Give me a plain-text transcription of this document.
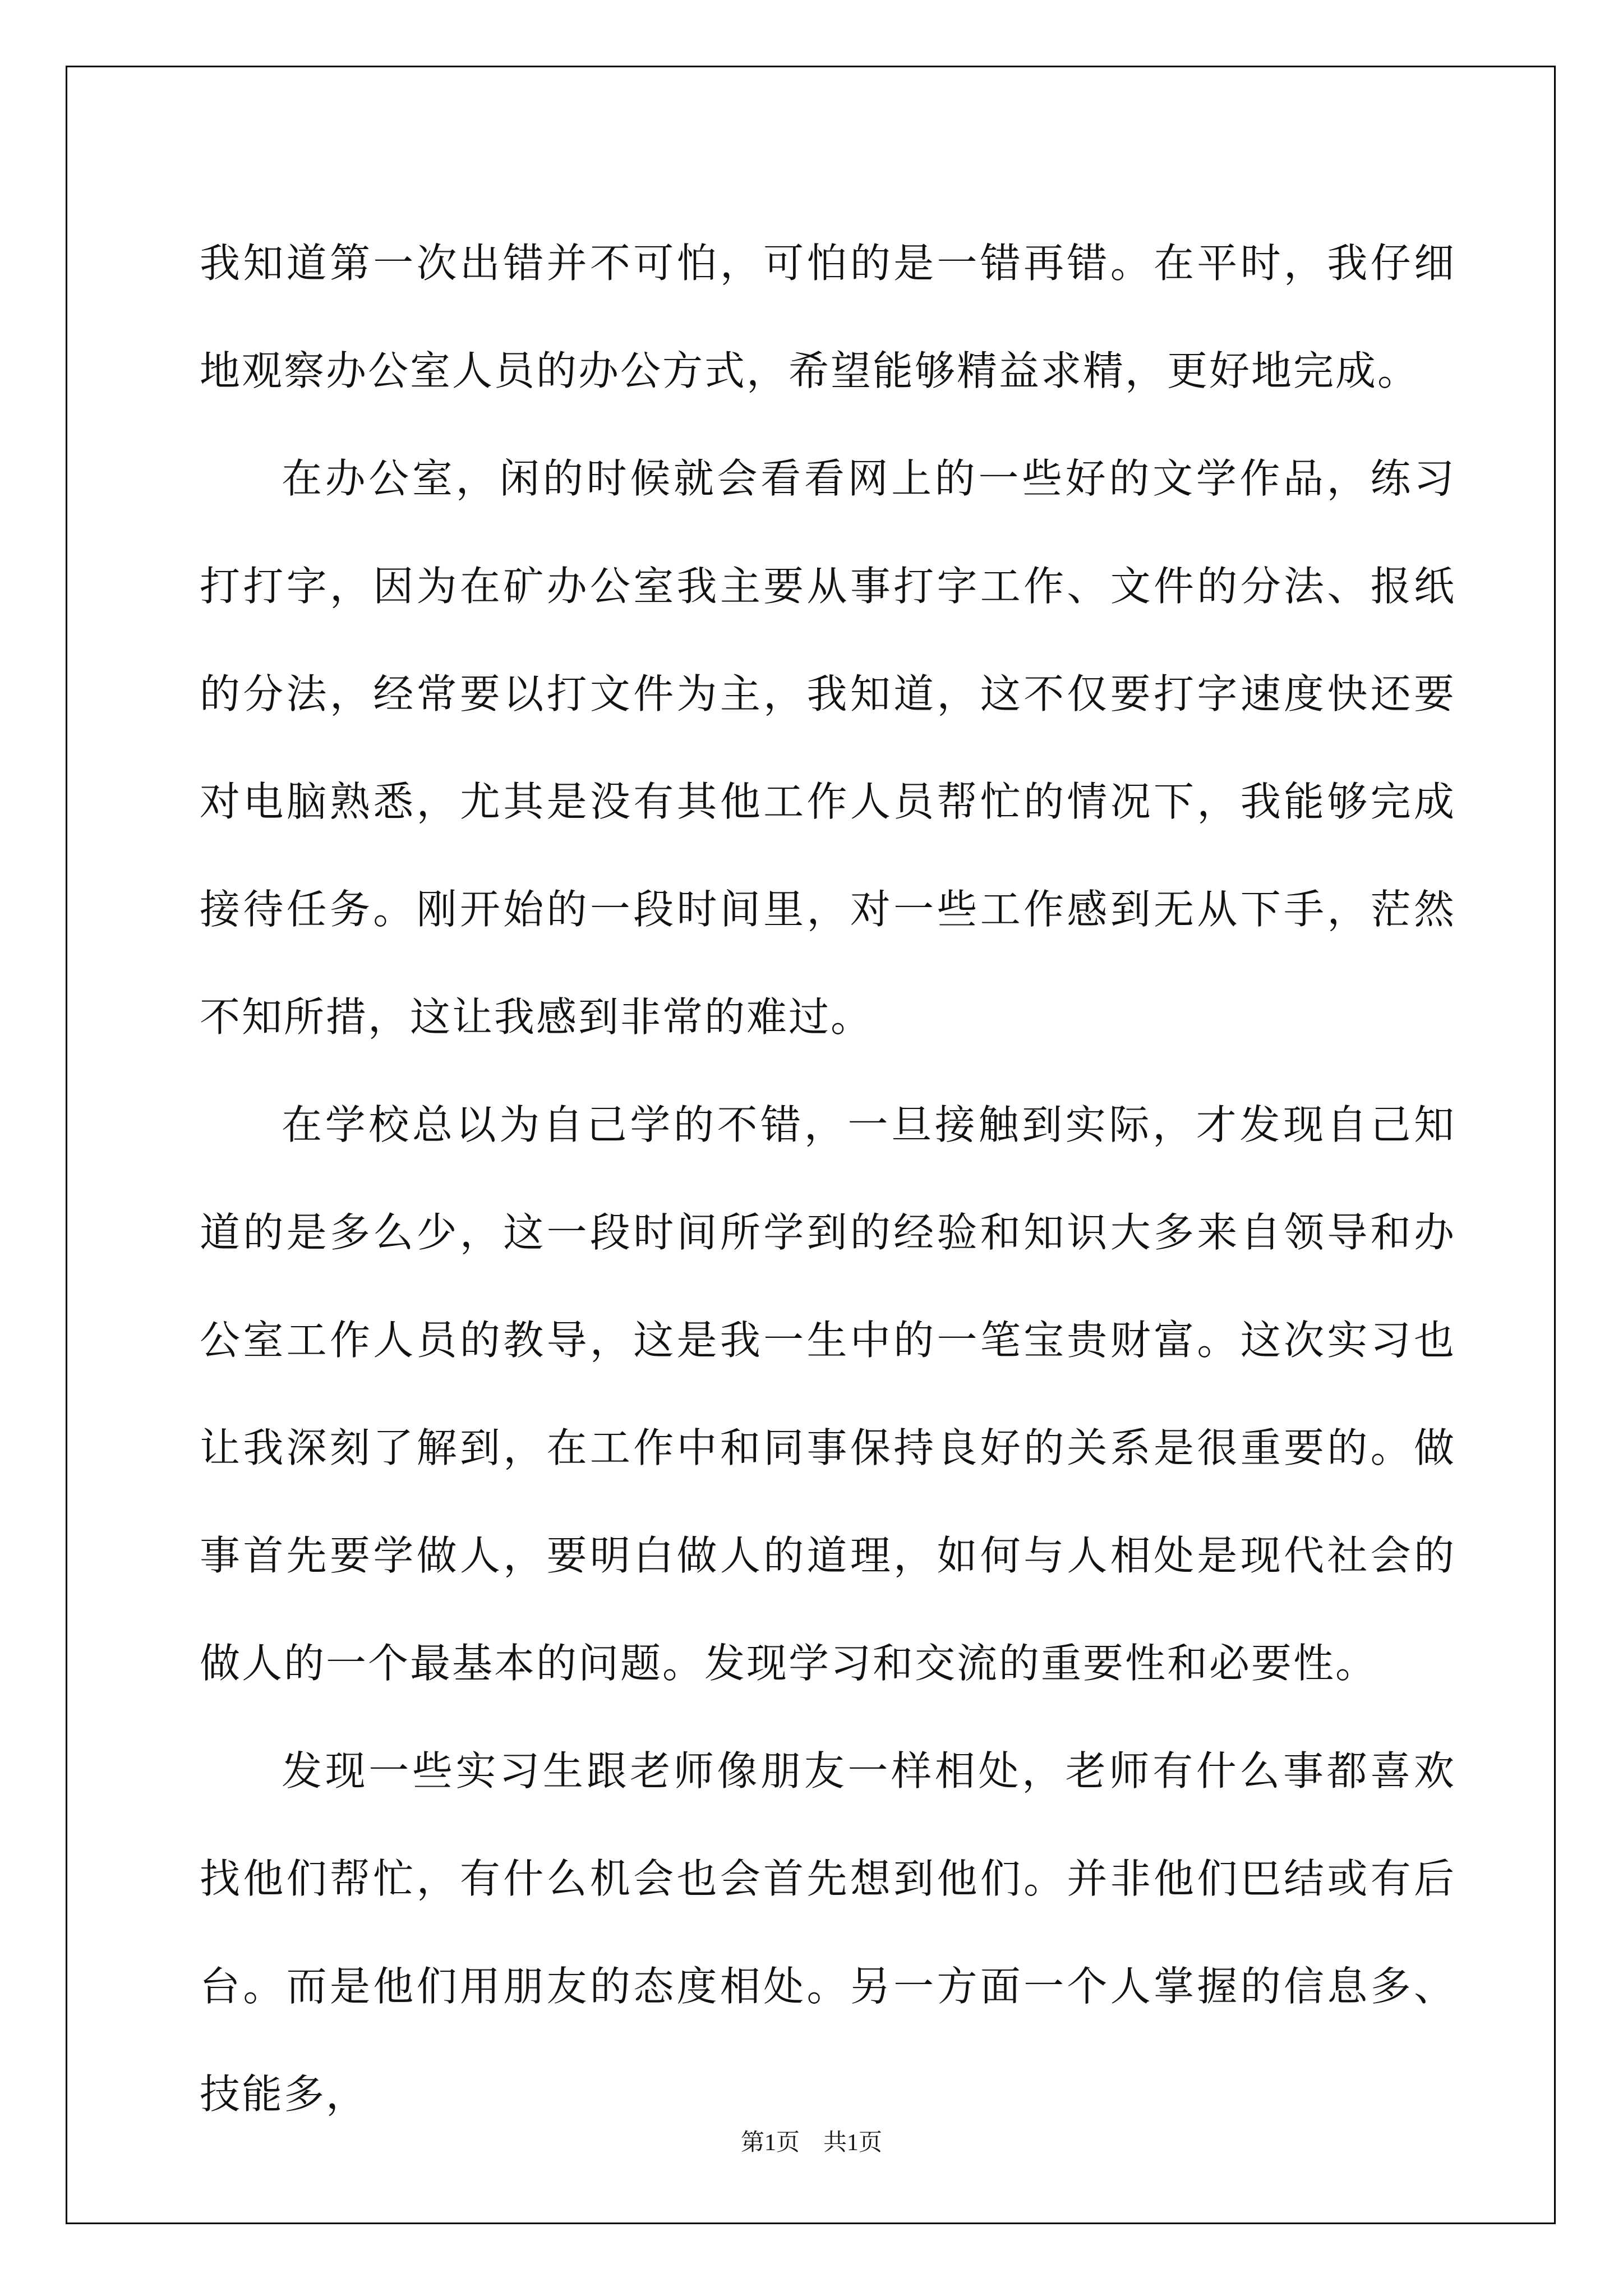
我知道第一次出错并不可怕，可怕的是一错再错。在平时，我仔细地观察办公室人员的办公方式，希望能够精益求精，更好地完成。

在办公室，闲的时候就会看看网上的一些好的文学作品，练习打打字，因为在矿办公室我主要从事打字工作、文件的分法、报纸的分法，经常要以打文件为主，我知道，这不仅要打字速度快还要对电脑熟悉，尤其是没有其他工作人员帮忙的情况下，我能够完成接待任务。刚开始的一段时间里，对一些工作感到无从下手，茫然不知所措，这让我感到非常的难过。

在学校总以为自己学的不错，一旦接触到实际，才发现自己知道的是多么少，这一段时间所学到的经验和知识大多来自领导和办公室工作人员的教导，这是我一生中的一笔宝贵财富。这次实习也让我深刻了解到，在工作中和同事保持良好的关系是很重要的。做事首先要学做人，要明白做人的道理，如何与人相处是现代社会的做人的一个最基本的问题。发现学习和交流的重要性和必要性。

发现一些实习生跟老师像朋友一样相处，老师有什么事都喜欢找他们帮忙，有什么机会也会首先想到他们。并非他们巴结或有后台。而是他们用朋友的态度相处。另一方面一个人掌握的信息多、技能多，

第1页　共1页
